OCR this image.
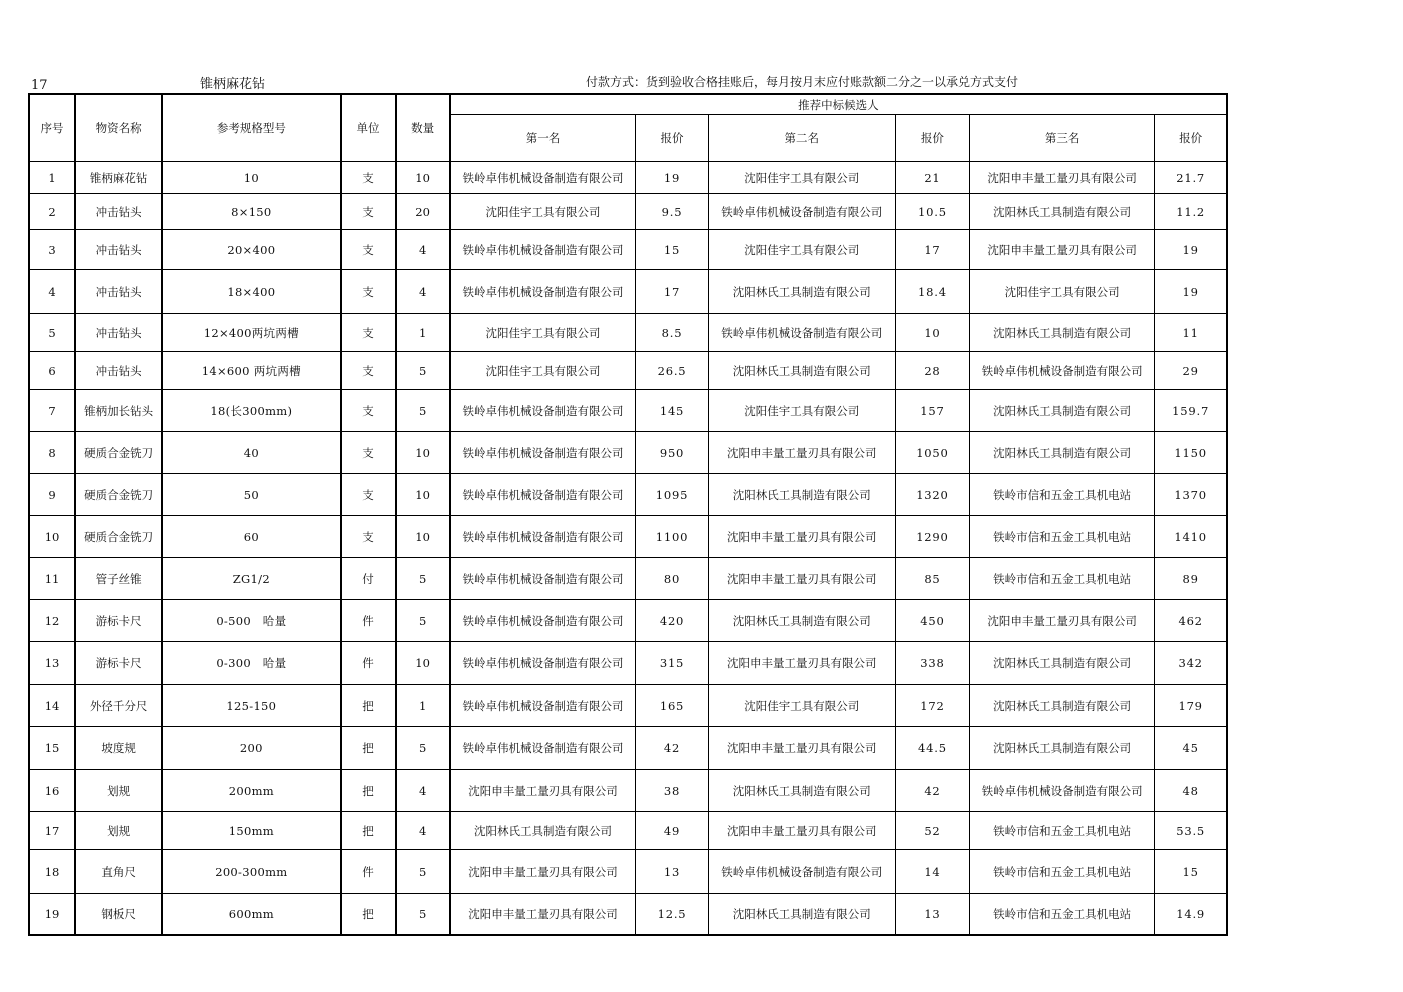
17	锥柄麻花钻	付款方式：货到验收合格挂账后，每月按月末应付账款额二分之一以承兑方式支付
序号	物资名称	参考规格型号	单位	数量	推荐中标候选人					
					第一名	报价	第二名	报价	第三名	报价
1	锥柄麻花钻	10	支	10	铁岭卓伟机械设备制造有限公司	19	沈阳佳宇工具有限公司	21	沈阳申丰量工量刃具有限公司	21.7
2	冲击钻头	8×150	支	20	沈阳佳宇工具有限公司	9.5	铁岭卓伟机械设备制造有限公司	10.5	沈阳林氏工具制造有限公司	11.2
3	冲击钻头	20×400	支	4	铁岭卓伟机械设备制造有限公司	15	沈阳佳宇工具有限公司	17	沈阳申丰量工量刃具有限公司	19
4	冲击钻头	18×400	支	4	铁岭卓伟机械设备制造有限公司	17	沈阳林氏工具制造有限公司	18.4	沈阳佳宇工具有限公司	19
5	冲击钻头	12×400两坑两槽	支	1	沈阳佳宇工具有限公司	8.5	铁岭卓伟机械设备制造有限公司	10	沈阳林氏工具制造有限公司	11
6	冲击钻头	14×600 两坑两槽	支	5	沈阳佳宇工具有限公司	26.5	沈阳林氏工具制造有限公司	28	铁岭卓伟机械设备制造有限公司	29
7	锥柄加长钻头	18(长300mm)	支	5	铁岭卓伟机械设备制造有限公司	145	沈阳佳宇工具有限公司	157	沈阳林氏工具制造有限公司	159.7
8	硬质合金铣刀	40	支	10	铁岭卓伟机械设备制造有限公司	950	沈阳申丰量工量刃具有限公司	1050	沈阳林氏工具制造有限公司	1150
9	硬质合金铣刀	50	支	10	铁岭卓伟机械设备制造有限公司	1095	沈阳林氏工具制造有限公司	1320	铁岭市信和五金工具机电站	1370
10	硬质合金铣刀	60	支	10	铁岭卓伟机械设备制造有限公司	1100	沈阳申丰量工量刃具有限公司	1290	铁岭市信和五金工具机电站	1410
11	管子丝锥	ZG1/2	付	5	铁岭卓伟机械设备制造有限公司	80	沈阳申丰量工量刃具有限公司	85	铁岭市信和五金工具机电站	89
12	游标卡尺	0-500　哈量	件	5	铁岭卓伟机械设备制造有限公司	420	沈阳林氏工具制造有限公司	450	沈阳申丰量工量刃具有限公司	462
13	游标卡尺	0-300　哈量	件	10	铁岭卓伟机械设备制造有限公司	315	沈阳申丰量工量刃具有限公司	338	沈阳林氏工具制造有限公司	342
14	外径千分尺	125-150	把	1	铁岭卓伟机械设备制造有限公司	165	沈阳佳宇工具有限公司	172	沈阳林氏工具制造有限公司	179
15	坡度规	200	把	5	铁岭卓伟机械设备制造有限公司	42	沈阳申丰量工量刃具有限公司	44.5	沈阳林氏工具制造有限公司	45
16	划规	200mm	把	4	沈阳申丰量工量刃具有限公司	38	沈阳林氏工具制造有限公司	42	铁岭卓伟机械设备制造有限公司	48
17	划规	150mm	把	4	沈阳林氏工具制造有限公司	49	沈阳申丰量工量刃具有限公司	52	铁岭市信和五金工具机电站	53.5
18	直角尺	200-300mm	件	5	沈阳申丰量工量刃具有限公司	13	铁岭卓伟机械设备制造有限公司	14	铁岭市信和五金工具机电站	15
19	钢板尺	600mm	把	5	沈阳申丰量工量刃具有限公司	12.5	沈阳林氏工具制造有限公司	13	铁岭市信和五金工具机电站	14.9
